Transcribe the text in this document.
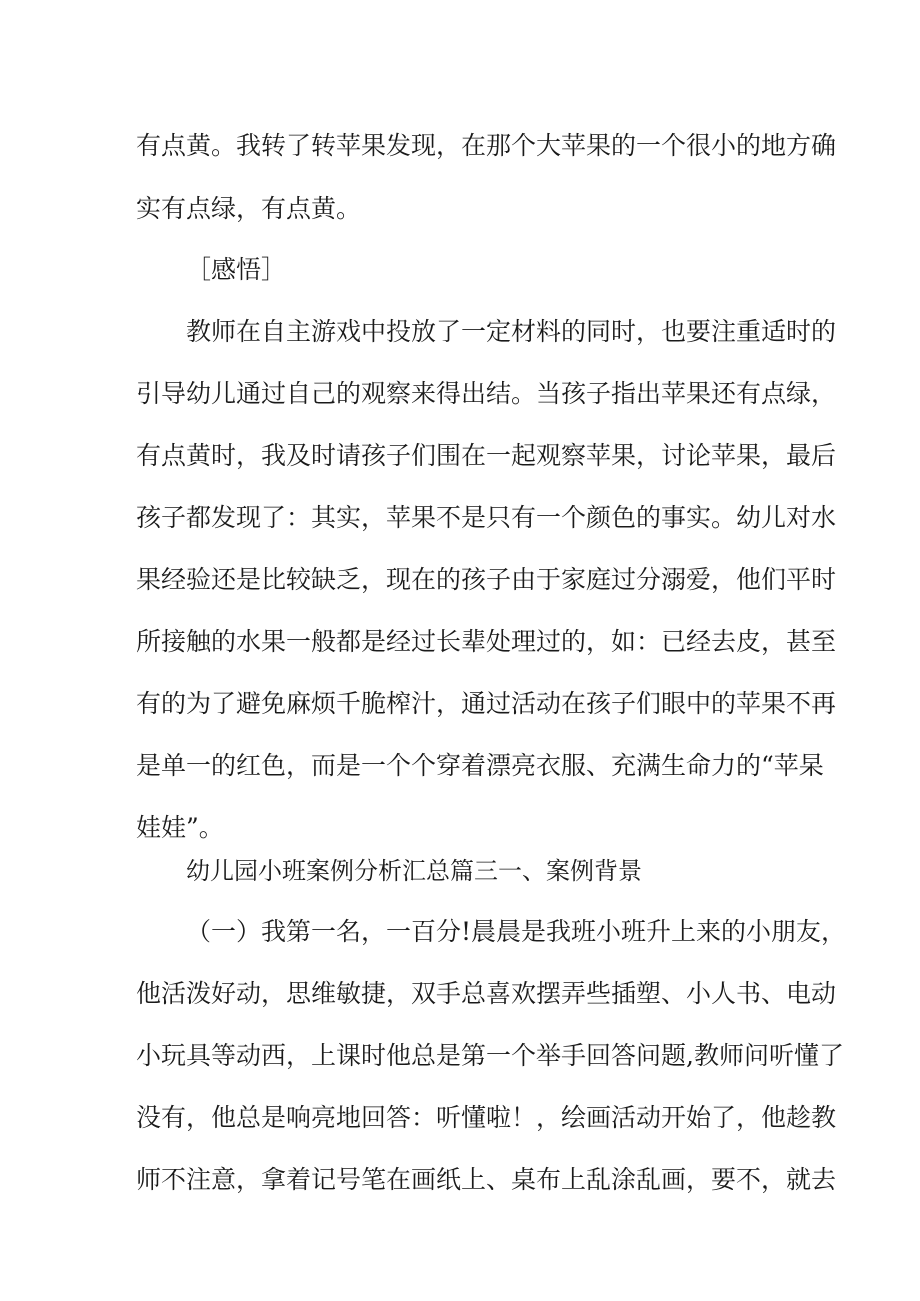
有点黄。我转了转苹果发现，在那个大苹果的一个很小的地方确
实有点绿，有点黄。
［感悟］
教师在自主游戏中投放了一定材料的同时，也要注重适时的
引导幼儿通过自己的观察来得出结。当孩子指出苹果还有点绿，
有点黄时，我及时请孩子们围在一起观察苹果，讨论苹果，最后
孩子都发现了：其实，苹果不是只有一个颜色的事实。幼儿对水
果经验还是比较缺乏，现在的孩子由于家庭过分溺爱，他们平时
所接触的水果一般都是经过长辈处理过的，如：已经去皮，甚至
有的为了避免麻烦千脆榨汁，通过活动在孩子们眼中的苹果不再
是单一的红色，而是一个个穿着漂亮衣服、充满生命力的“苹杲
娃娃”。
幼儿园小班案例分析汇总篇三一、案例背景
（一）我第一名，一百分!晨晨是我班小班升上来的小朋友，
他活泼好动，思维敏捷，双手总喜欢摆弄些插塑、小人书、电动
小玩具等动西，上课时他总是第一个举手回答问题,教师问听懂了
没有，他总是响亮地回答：听懂啦！，绘画活动开始了，他趁教
师不注意，拿着记号笔在画纸上、桌布上乱涂乱画，要不，就去
